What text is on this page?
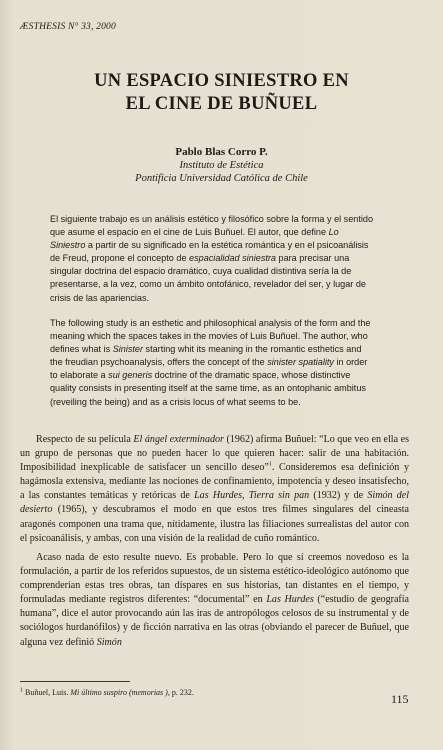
ÆSTHESIS N° 33, 2000
UN ESPACIO SINIESTRO EN
EL CINE DE BUÑUEL
Pablo Blas Corro P.
Instituto de Estética
Pontificia Universidad Católica de Chile

El siguiente trabajo es un análisis estético y filosófico sobre la forma y el sentido que asume el espacio en el cine de Luis Buñuel. El autor, que define Lo Siniestro a partir de su significado en la estética romántica y en el psicoanálisis de Freud, propone el concepto de espacialidad siniestra para precisar una singular doctrina del espacio dramático, cuya cualidad distintiva sería la de presentarse, a la vez, como un ámbito ontofánico, revelador del ser, y lugar de crisis de las apariencias.

The following study is an esthetic and philosophical analysis of the form and the meaning which the spaces takes in the movies of Luis Buñuel. The author, who defines what is Sinister starting whit its meaning in the romantic esthetics and the freudian psychoanalysis, offers the concept of the sinister spatiality in order to elaborate a sui generis doctrine of the dramatic space, whose distinctive quality consists in presenting itself at the same time, as an ontophanic ambitus (reveiling the being) and as a crisis locus of what seems to be.

Respecto de su película El ángel exterminador (1962) afirma Buñuel: “Lo que veo en ella es un grupo de personas que no pueden hacer lo que quieren hacer: salir de una habitación. Imposibilidad inexplicable de satisfacer un sencillo deseo”$^1$. Consideremos esa definición y hagámosla extensiva, mediante las nociones de confinamiento, impotencia y deseo insatisfecho, a las constantes temáticas y retóricas de Las Hurdes, Tierra sin pan (1932) y de Simón del desierto (1965), y descubramos el modo en que estos tres filmes singulares del cineasta aragonés componen una trama que, nítidamente, ilustra las filiaciones surrealistas del autor con el psicoanálisis, y ambas, con una visión de la realidad de cuño romántico.

Acaso nada de esto resulte nuevo. Es probable. Pero lo que sí creemos novedoso es la formulación, a partir de los referidos supuestos, de un sistema estético-ideológico autónomo que comprenderían estas tres obras, tan dispares en sus historias, tan distantes en el tiempo, y formuladas mediante registros diferentes: “documental” en Las Hurdes (“estudio de geografía humana”, dice el autor provocando aún las iras de antropólogos celosos de su instrumental y de sociólogos hurdanófilos) y de ficción narrativa en las otras (obviando el parecer de Buñuel, que alguna vez definió Simón

$^1$ Buñuel, Luis. Mi último suspiro (memorias ), p. 232.	115
